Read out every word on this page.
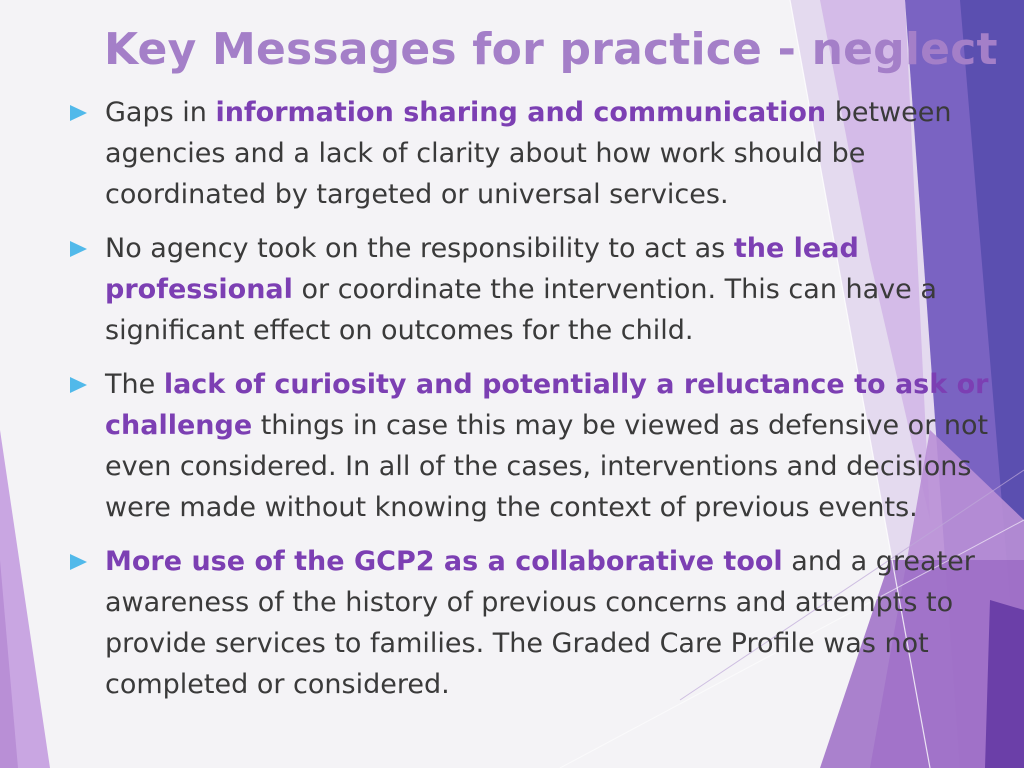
Key Messages for practice - neglect
Gaps in information sharing and communication between agencies and a lack of clarity about how work should be coordinated by targeted or universal services.
No agency took on the responsibility to act as the lead professional or coordinate the intervention. This can have a significant effect on outcomes for the child.
The lack of curiosity and potentially a reluctance to ask or challenge things in case this may be viewed as defensive or not even considered. In all of the cases, interventions and decisions were made without knowing the context of previous events.
More use of the GCP2 as a collaborative tool and a greater awareness of the history of previous concerns and attempts to provide services to families. The Graded Care Profile was not completed or considered.
